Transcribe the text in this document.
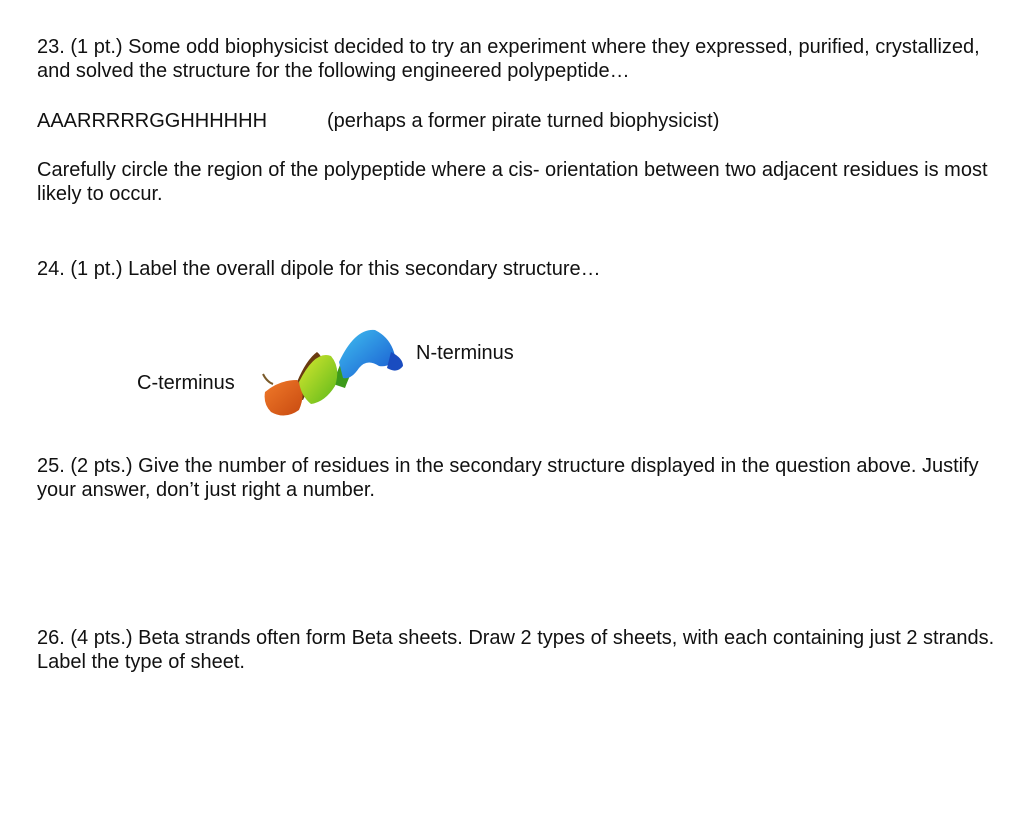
23. (1 pt.) Some odd biophysicist decided to try an experiment where they expressed, purified, crystallized, and solved the structure for the following engineered polypeptide…

AAARRRRRGGHHHHHH	(perhaps a former pirate turned biophysicist)

Carefully circle the region of the polypeptide where a cis- orientation between two adjacent residues is most likely to occur.

24. (1 pt.) Label the overall dipole for this secondary structure…

C-terminus
N-terminus

25. (2 pts.) Give the number of residues in the secondary structure displayed in the question above. Justify your answer, don’t just right a number.

26. (4 pts.) Beta strands often form Beta sheets. Draw 2 types of sheets, with each containing just 2 strands. Label the type of sheet.
